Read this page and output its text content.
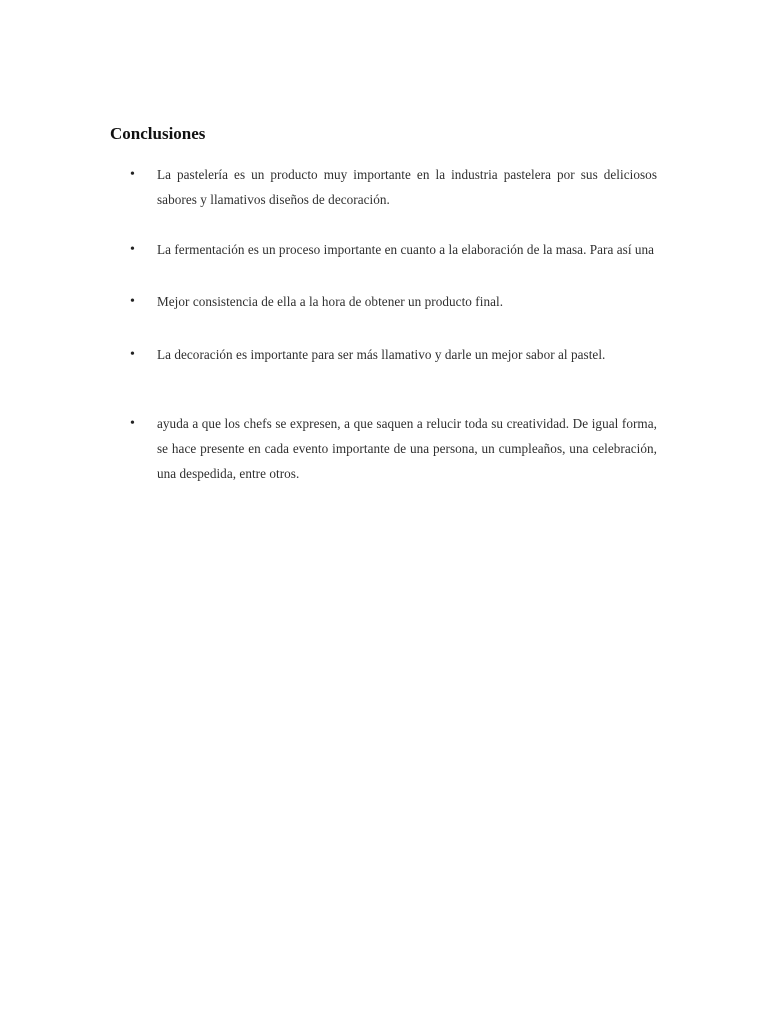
Conclusiones
•	La pastelería es un producto muy importante en la industria pastelera por sus deliciosos sabores y llamativos diseños de decoración.
•	La fermentación es un proceso importante en cuanto a la elaboración de la masa. Para así una
•	Mejor consistencia de ella a la hora de obtener un producto final.
•	La decoración es importante para ser más llamativo y darle un mejor sabor al pastel.
•	ayuda a que los chefs se expresen, a que saquen a relucir toda su creatividad. De igual forma, se hace presente en cada evento importante de una persona, un cumpleaños, una celebración, una despedida, entre otros.
